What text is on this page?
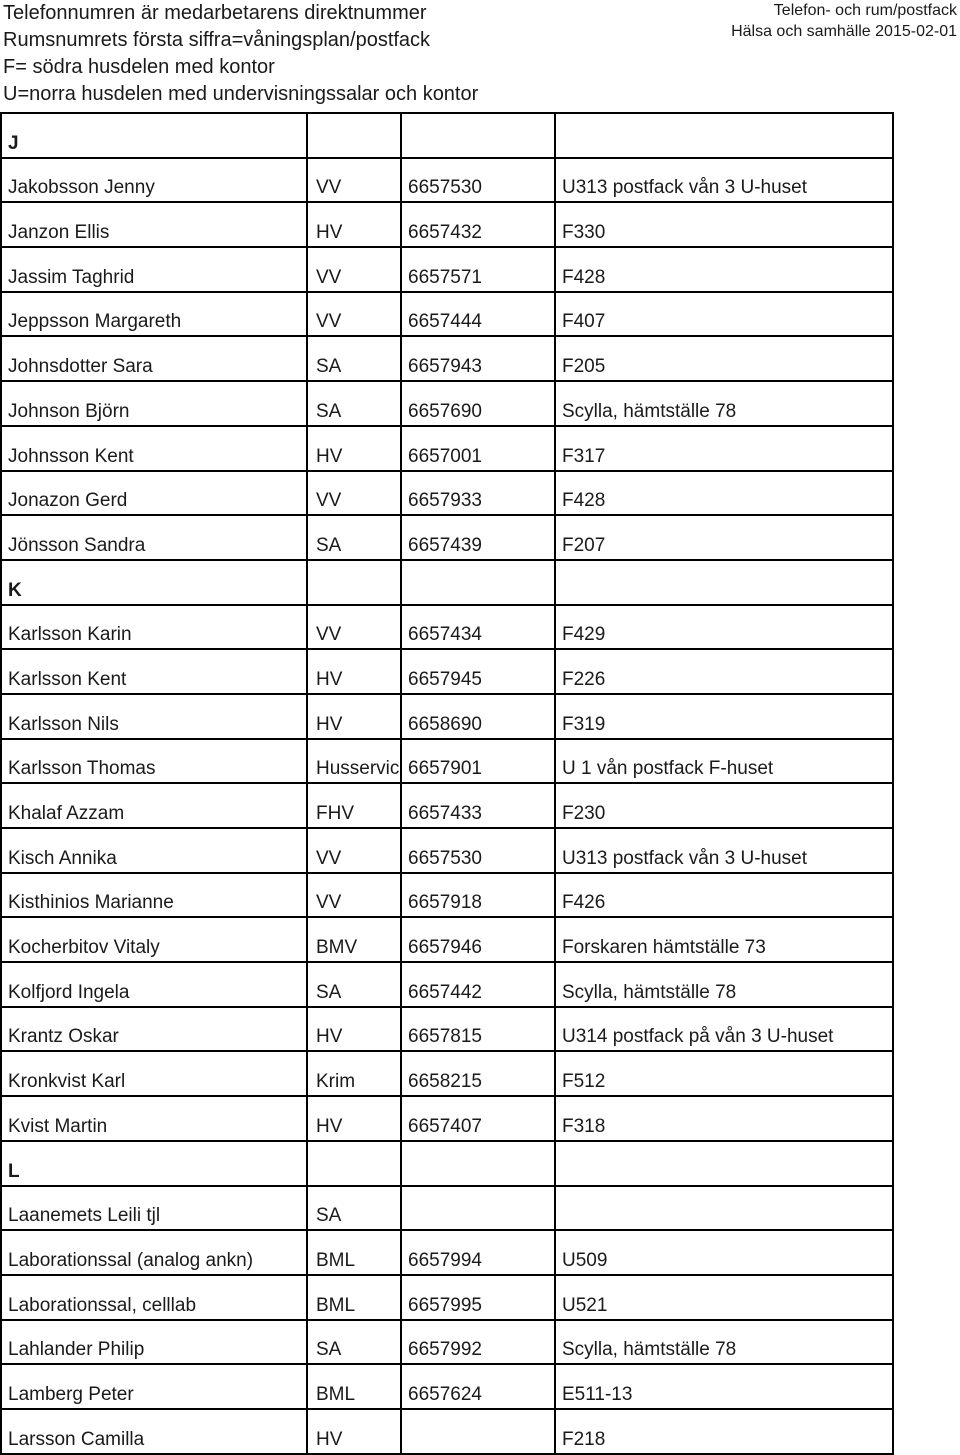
Telefonnumren är medarbetarens direktnummer
Rumsnumrets första siffra=våningsplan/postfack
F= södra husdelen med kontor
U=norra husdelen med undervisningssalar och kontor
Telefon- och rum/postfack
Hälsa och samhälle 2015-02-01
J			
Jakobsson Jenny	VV	6657530	U313 postfack vån 3 U-huset
Janzon Ellis	HV	6657432	F330
Jassim Taghrid	VV	6657571	F428
Jeppsson Margareth	VV	6657444	F407
Johnsdotter Sara	SA	6657943	F205
Johnson Björn	SA	6657690	Scylla, hämtställe 78
Johnsson Kent	HV	6657001	F317
Jonazon Gerd	VV	6657933	F428
Jönsson Sandra	SA	6657439	F207
K			
Karlsson Karin	VV	6657434	F429
Karlsson Kent	HV	6657945	F226
Karlsson Nils	HV	6658690	F319
Karlsson Thomas	Husservic	6657901	U 1 vån postfack F-huset
Khalaf Azzam	FHV	6657433	F230
Kisch Annika	VV	6657530	U313 postfack vån 3 U-huset
Kisthinios Marianne	VV	6657918	F426
Kocherbitov Vitaly	BMV	6657946	Forskaren hämtställe 73
Kolfjord Ingela	SA	6657442	Scylla, hämtställe 78
Krantz Oskar	HV	6657815	U314 postfack på vån 3 U-huset
Kronkvist Karl	Krim	6658215	F512
Kvist Martin	HV	6657407	F318
L			
Laanemets Leili tjl	SA		
Laborationssal (analog ankn)	BML	6657994	U509
Laborationssal, celllab	BML	6657995	U521
Lahlander Philip	SA	6657992	Scylla, hämtställe 78
Lamberg Peter	BML	6657624	E511-13
Larsson Camilla	HV		F218
